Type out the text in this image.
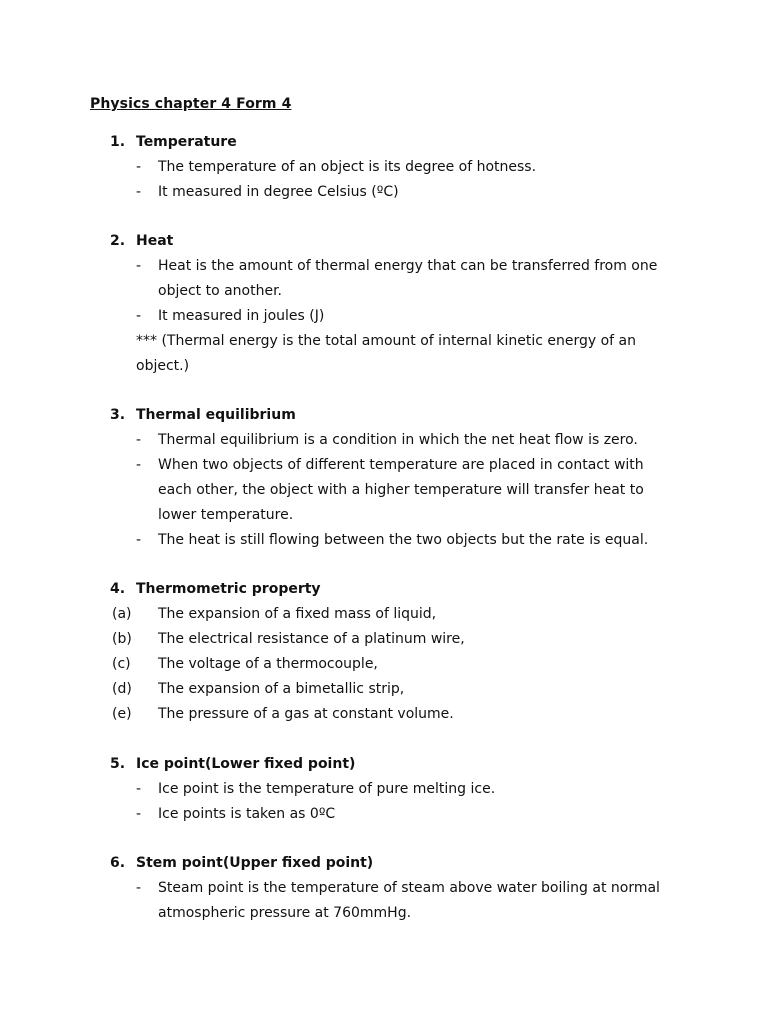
Physics chapter 4 Form 4
1. Temperature
- The temperature of an object is its degree of hotness.
- It measured in degree Celsius (ºC)
2. Heat
- Heat is the amount of thermal energy that can be transferred from one
object to another.
- It measured in joules (J)
*** (Thermal energy is the total amount of internal kinetic energy of an
object.)
3. Thermal equilibrium
- Thermal equilibrium is a condition in which the net heat flow is zero.
- When two objects of different temperature are placed in contact with
each other, the object with a higher temperature will transfer heat to
lower temperature.
- The heat is still flowing between the two objects but the rate is equal.
4. Thermometric property
(a) The expansion of a fixed mass of liquid,
(b) The electrical resistance of a platinum wire,
(c) The voltage of a thermocouple,
(d) The expansion of a bimetallic strip,
(e) The pressure of a gas at constant volume.
5. Ice point(Lower fixed point)
- Ice point is the temperature of pure melting ice.
- Ice points is taken as 0ºC
6. Stem point(Upper fixed point)
- Steam point is the temperature of steam above water boiling at normal
atmospheric pressure at 760mmHg.
